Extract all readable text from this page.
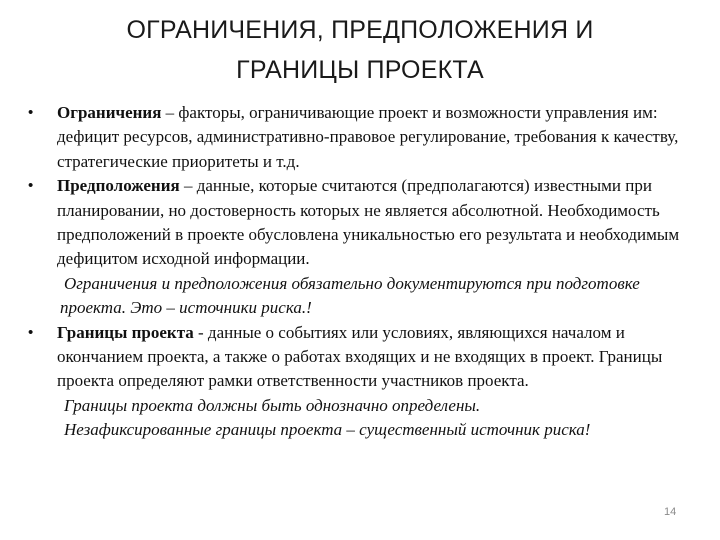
ОГРАНИЧЕНИЯ, ПРЕДПОЛОЖЕНИЯ И
ГРАНИЦЫ ПРОЕКТА
• Ограничения – факторы, ограничивающие проект и возможности управления им: дефицит ресурсов, административно-правовое регулирование, требования к качеству, стратегические приоритеты и т.д.
• Предположения – данные, которые считаются (предполагаются) известными при планировании, но достоверность которых не является абсолютной. Необходимость предположений в проекте обусловлена уникальностью его результата и необходимым дефицитом исходной информации.
Ограничения и предположения обязательно документируются при подготовке проекта. Это – источники риска.!
• Границы проекта - данные о событиях или условиях, являющихся началом и окончанием проекта, а также о работах входящих и не входящих в проект. Границы проекта определяют рамки ответственности участников проекта.
Границы проекта должны быть однозначно определены.
Незафиксированные границы проекта – существенный источник риска!
14
